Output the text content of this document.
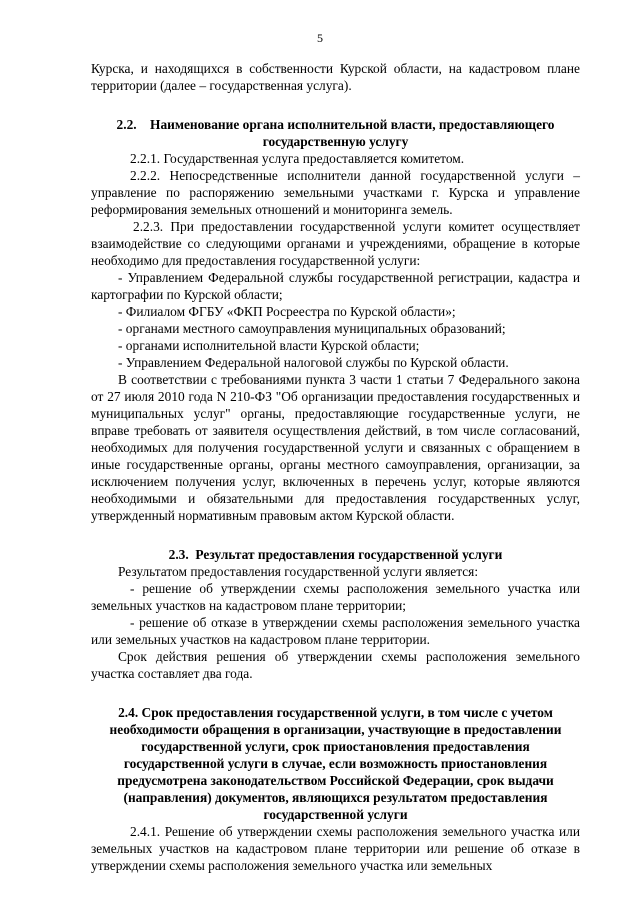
5
Курска, и находящихся в собственности Курской области, на кадастровом плане территории (далее – государственная услуга).
2.2.    Наименование органа исполнительной власти, предоставляющего государственную услугу
2.2.1. Государственная услуга предоставляется комитетом.
2.2.2. Непосредственные исполнители данной государственной услуги – управление по распоряжению земельными участками г. Курска и управление реформирования земельных отношений и мониторинга земель.
2.2.3. При предоставлении государственной услуги комитет осуществляет взаимодействие со следующими органами и учреждениями, обращение в которые необходимо для предоставления государственной услуги:
- Управлением Федеральной службы государственной регистрации, кадастра и картографии по Курской области;
- Филиалом ФГБУ «ФКП Росреестра по Курской области»;
- органами местного самоуправления муниципальных образований;
- органами исполнительной власти Курской области;
- Управлением Федеральной налоговой службы по Курской области.
В соответствии с требованиями пункта 3 части 1 статьи 7 Федерального закона от 27 июля 2010 года N 210-ФЗ "Об организации предоставления государственных и муниципальных услуг" органы, предоставляющие государственные услуги, не вправе требовать от заявителя осуществления действий, в том числе согласований, необходимых для получения государственной услуги и связанных с обращением в иные государственные органы, органы местного самоуправления, организации, за исключением получения услуг, включенных в перечень услуг, которые являются необходимыми и обязательными для предоставления государственных услуг, утвержденный нормативным правовым актом Курской области.
2.3.  Результат предоставления государственной услуги
Результатом предоставления государственной услуги является:
- решение об утверждении схемы расположения земельного участка или земельных участков на кадастровом плане территории;
- решение об отказе в утверждении схемы расположения земельного участка или земельных участков на кадастровом плане территории.
Срок действия решения об утверждении схемы расположения земельного участка составляет два года.
2.4. Срок предоставления государственной услуги, в том числе с учетом необходимости обращения в организации, участвующие в предоставлении государственной услуги, срок приостановления предоставления государственной услуги в случае, если возможность приостановления предусмотрена законодательством Российской Федерации, срок выдачи (направления) документов, являющихся результатом предоставления государственной услуги
2.4.1. Решение об утверждении схемы расположения земельного участка или земельных участков на кадастровом плане территории или решение об отказе в утверждении схемы расположения земельного участка или земельных
